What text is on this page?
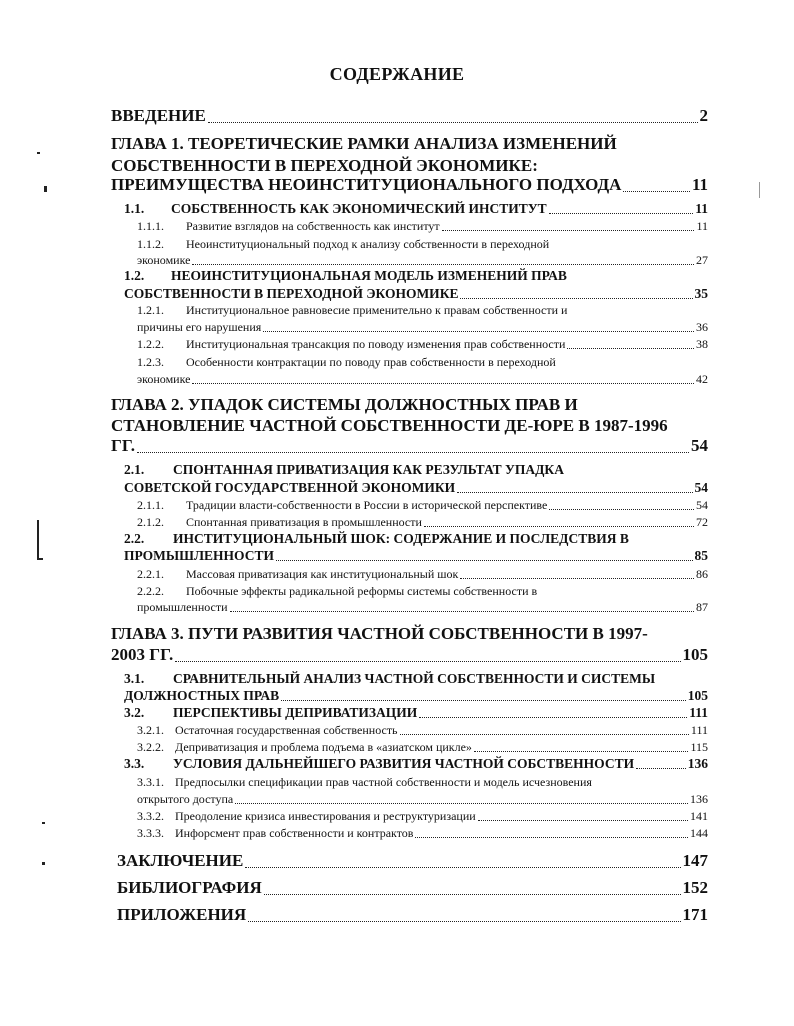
СОДЕРЖАНИЕ
ВВЕДЕНИЕ	2
ГЛАВА 1. ТЕОРЕТИЧЕСКИЕ РАМКИ АНАЛИЗА ИЗМЕНЕНИЙ
СОБСТВЕННОСТИ В ПЕРЕХОДНОЙ ЭКОНОМИКЕ:
ПРЕИМУЩЕСТВА НЕОИНСТИТУЦИОНАЛЬНОГО ПОДХОДА	11
1.1. СОБСТВЕННОСТЬ КАК ЭКОНОМИЧЕСКИЙ ИНСТИТУТ	11
1.1.1. Развитие взглядов на собственность как институт	11
1.1.2. Неоинституциональный подход к анализу собственности в переходной
экономике	27
1.2. НЕОИНСТИТУЦИОНАЛЬНАЯ МОДЕЛЬ ИЗМЕНЕНИЙ ПРАВ
СОБСТВЕННОСТИ В ПЕРЕХОДНОЙ ЭКОНОМИКЕ	35
1.2.1. Институциональное равновесие применительно к правам собственности и
причины его нарушения	36
1.2.2. Институциональная трансакция по поводу изменения прав собственности	38
1.2.3. Особенности контрактации по поводу прав собственности в переходной
экономике	42
ГЛАВА 2. УПАДОК СИСТЕМЫ ДОЛЖНОСТНЫХ ПРАВ И
СТАНОВЛЕНИЕ ЧАСТНОЙ СОБСТВЕННОСТИ ДЕ-ЮРЕ В 1987-1996
ГГ.	54
2.1. СПОНТАННАЯ ПРИВАТИЗАЦИЯ КАК РЕЗУЛЬТАТ УПАДКА
СОВЕТСКОЙ ГОСУДАРСТВЕННОЙ ЭКОНОМИКИ	54
2.1.1. Традиции власти-собственности в России в исторической перспективе	54
2.1.2. Спонтанная приватизация в промышленности	72
2.2. ИНСТИТУЦИОНАЛЬНЫЙ ШОК: СОДЕРЖАНИЕ И ПОСЛЕДСТВИЯ В
ПРОМЫШЛЕННОСТИ	85
2.2.1. Массовая приватизация как институциональный шок	86
2.2.2. Побочные эффекты радикальной реформы системы собственности в
промышленности	87
ГЛАВА 3. ПУТИ РАЗВИТИЯ ЧАСТНОЙ СОБСТВЕННОСТИ В 1997-
2003 ГГ.	105
3.1. СРАВНИТЕЛЬНЫЙ АНАЛИЗ ЧАСТНОЙ СОБСТВЕННОСТИ И СИСТЕМЫ
ДОЛЖНОСТНЫХ ПРАВ	105
3.2. ПЕРСПЕКТИВЫ ДЕПРИВАТИЗАЦИИ	111
3.2.1. Остаточная государственная собственность	111
3.2.2. Деприватизация и проблема подъема в «азиатском цикле»	115
3.3. УСЛОВИЯ ДАЛЬНЕЙШЕГО РАЗВИТИЯ ЧАСТНОЙ СОБСТВЕННОСТИ	136
3.3.1. Предпосылки спецификации прав частной собственности и модель исчезновения
открытого доступа	136
3.3.2. Преодоление кризиса инвестирования и реструктуризации	141
3.3.3. Инфорсмент прав собственности и контрактов	144
ЗАКЛЮЧЕНИЕ	147
БИБЛИОГРАФИЯ	152
ПРИЛОЖЕНИЯ	171
